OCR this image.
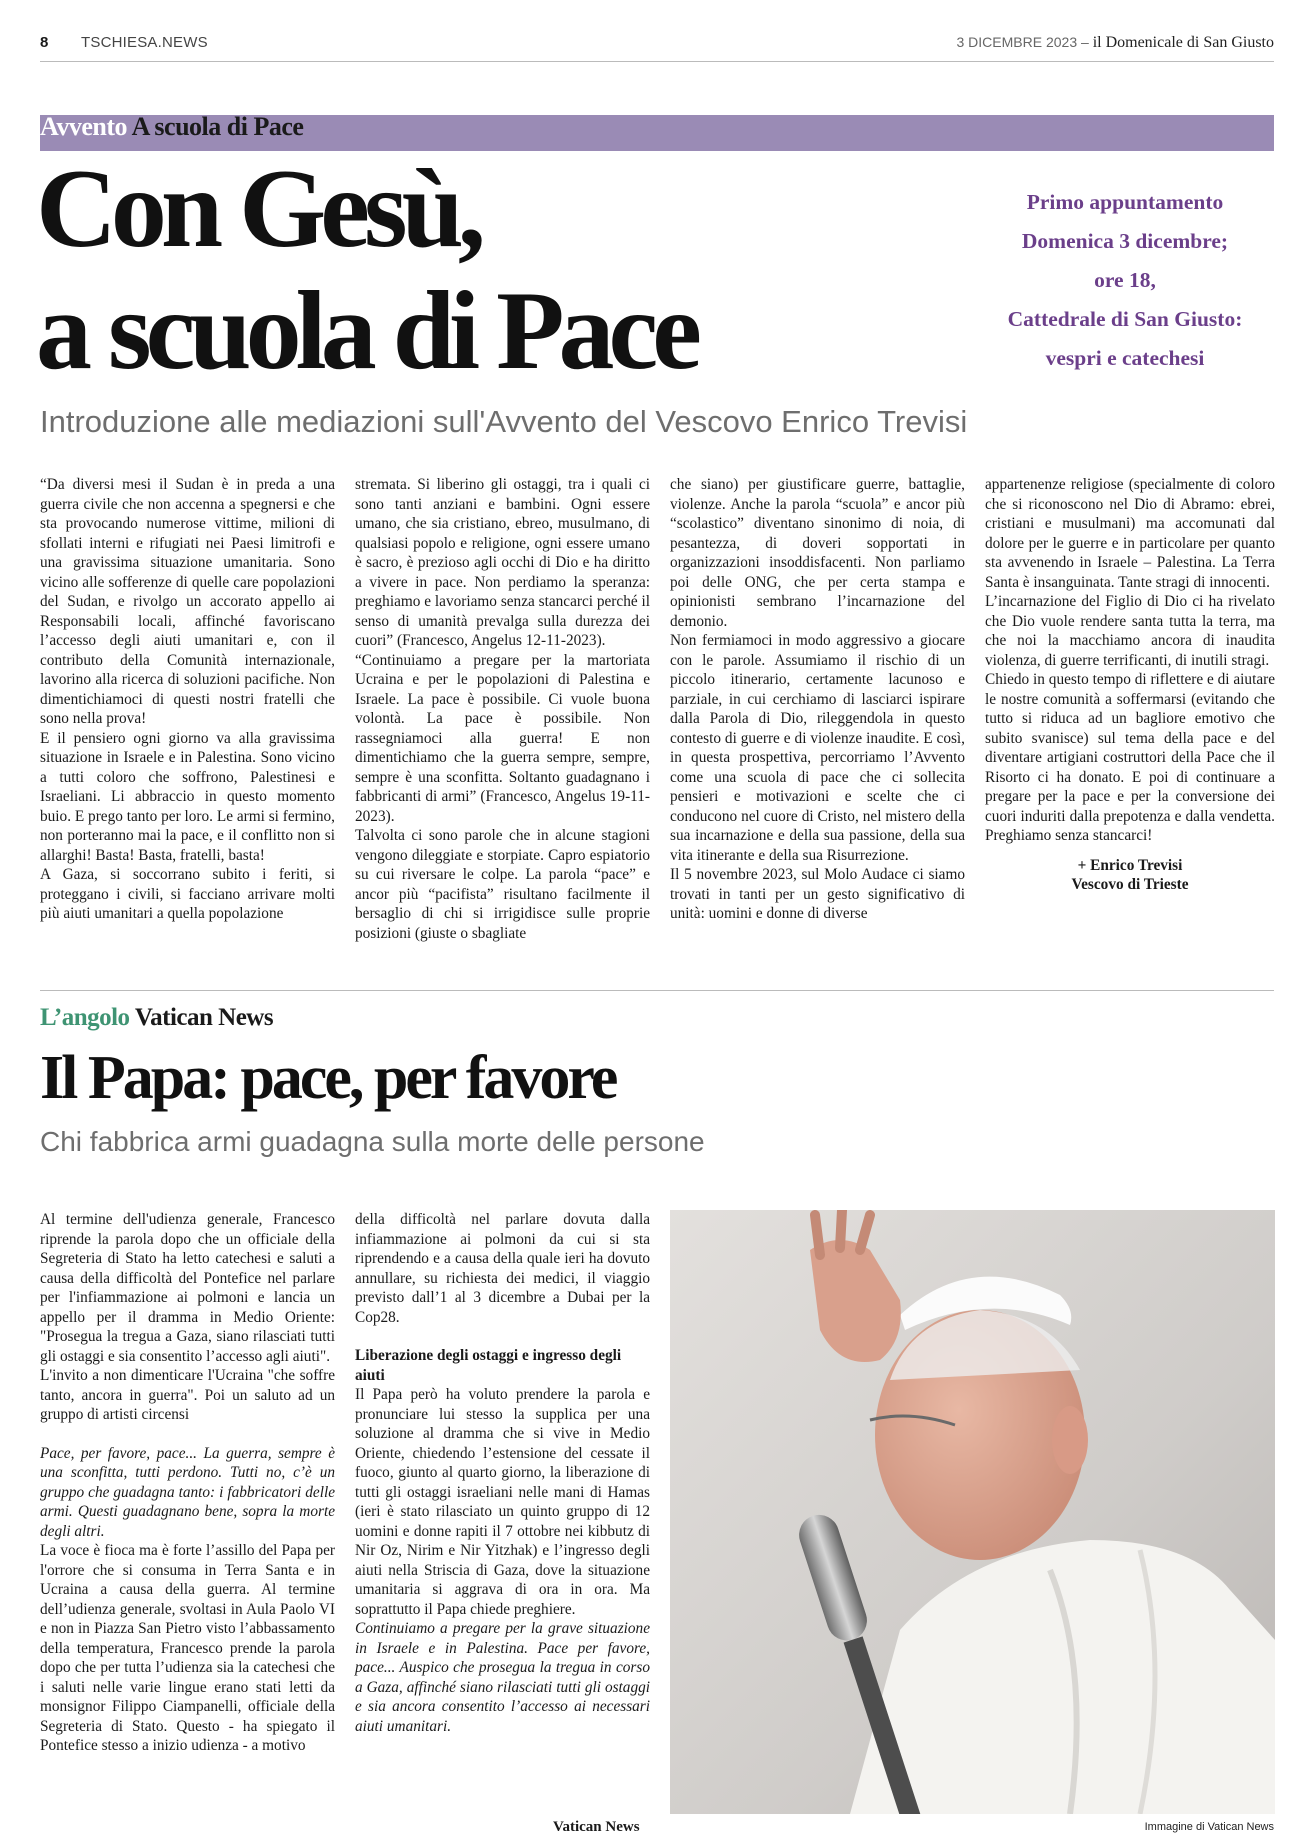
8 TSCHIESA.NEWS	3 DICEMBRE 2023 – il Domenicale di San Giusto
Avvento A scuola di Pace
Con Gesù,
a scuola di Pace
Primo appuntamento
Domenica 3 dicembre;
ore 18,
Cattedrale di San Giusto:
vespri e catechesi
Introduzione alle mediazioni sull'Avvento del Vescovo Enrico Trevisi

“Da diversi mesi il Sudan è in preda a una guerra civile che non accenna a spegnersi e che sta provocando numerose vittime, milioni di sfollati interni e rifugiati nei Paesi limitrofi e una gravissima situazione umanitaria. Sono vicino alle sofferenze di quelle care popolazioni del Sudan, e rivolgo un accorato appello ai Responsabili locali, affinché favoriscano l’accesso degli aiuti umanitari e, con il contributo della Comunità internazionale, lavorino alla ricerca di soluzioni pacifiche. Non dimentichiamoci di questi nostri fratelli che sono nella prova!

E il pensiero ogni giorno va alla gravissima situazione in Israele e in Palestina. Sono vicino a tutti coloro che soffrono, Palestinesi e Israeliani. Li abbraccio in questo momento buio. E prego tanto per loro. Le armi si fermino, non porteranno mai la pace, e il conflitto non si allarghi! Basta! Basta, fratelli, basta!

A Gaza, si soccorrano subito i feriti, si proteggano i civili, si facciano arrivare molti più aiuti umanitari a quella popolazione

stremata. Si liberino gli ostaggi, tra i quali ci sono tanti anziani e bambini. Ogni essere umano, che sia cristiano, ebreo, musulmano, di qualsiasi popolo e religione, ogni essere umano è sacro, è prezioso agli occhi di Dio e ha diritto a vivere in pace. Non perdiamo la speranza: preghiamo e lavoriamo senza stancarci perché il senso di umanità prevalga sulla durezza dei cuori” (Francesco, Angelus 12-11-2023).

“Continuiamo a pregare per la martoriata Ucraina e per le popolazioni di Palestina e Israele. La pace è possibile. Ci vuole buona volontà. La pace è possibile. Non rassegniamoci alla guerra! E non dimentichiamo che la guerra sempre, sempre, sempre è una sconfitta. Soltanto guadagnano i fabbricanti di armi” (Francesco, Angelus 19-11-2023).

Talvolta ci sono parole che in alcune stagioni vengono dileggiate e storpiate. Capro espiatorio su cui riversare le colpe. La parola “pace” e ancor più “pacifista” risultano facilmente il bersaglio di chi si irrigidisce sulle proprie posizioni (giuste o sbagliate

che siano) per giustificare guerre, battaglie, violenze. Anche la parola “scuola” e ancor più “scolastico” diventano sinonimo di noia, di pesantezza, di doveri sopportati in organizzazioni insoddisfacenti. Non parliamo poi delle ONG, che per certa stampa e opinionisti sembrano l’incarnazione del demonio.

Non fermiamoci in modo aggressivo a giocare con le parole. Assumiamo il rischio di un piccolo itinerario, certamente lacunoso e parziale, in cui cerchiamo di lasciarci ispirare dalla Parola di Dio, rileggendola in questo contesto di guerre e di violenze inaudite. E così, in questa prospettiva, percorriamo l’Avvento come una scuola di pace che ci sollecita pensieri e motivazioni e scelte che ci conducono nel cuore di Cristo, nel mistero della sua incarnazione e della sua passione, della sua vita itinerante e della sua Risurrezione.

Il 5 novembre 2023, sul Molo Audace ci siamo trovati in tanti per un gesto significativo di unità: uomini e donne di diverse

appartenenze religiose (specialmente di coloro che si riconoscono nel Dio di Abramo: ebrei, cristiani e musulmani) ma accomunati dal dolore per le guerre e in particolare per quanto sta avvenendo in Israele – Palestina. La Terra Santa è insanguinata. Tante stragi di innocenti.

L’incarnazione del Figlio di Dio ci ha rivelato che Dio vuole rendere santa tutta la terra, ma che noi la macchiamo ancora di inaudita violenza, di guerre terrificanti, di inutili stragi.

Chiedo in questo tempo di riflettere e di aiutare le nostre comunità a soffermarsi (evitando che tutto si riduca ad un bagliore emotivo che subito svanisce) sul tema della pace e del diventare artigiani costruttori della Pace che il Risorto ci ha donato. E poi di continuare a pregare per la pace e per la conversione dei cuori induriti dalla prepotenza e dalla vendetta. Preghiamo senza stancarci!

+ Enrico Trevisi

Vescovo di Trieste

L’angolo Vatican News
Il Papa: pace, per favore
Chi fabbrica armi guadagna sulla morte delle persone

Al termine dell'udienza generale, Francesco riprende la parola dopo che un officiale della Segreteria di Stato ha letto catechesi e saluti a causa della difficoltà del Pontefice nel parlare per l'infiammazione ai polmoni e lancia un appello per il dramma in Medio Oriente: "Prosegua la tregua a Gaza, siano rilasciati tutti gli ostaggi e sia consentito l’accesso agli aiuti".

L'invito a non dimenticare l'Ucraina "che soffre tanto, ancora in guerra". Poi un saluto ad un gruppo di artisti circensi

Pace, per favore, pace... La guerra, sempre è una sconfitta, tutti perdono. Tutti no, c’è un gruppo che guadagna tanto: i fabbricatori delle armi. Questi guadagnano bene, sopra la morte degli altri.

La voce è fioca ma è forte l’assillo del Papa per l'orrore che si consuma in Terra Santa e in Ucraina a causa della guerra. Al termine dell’udienza generale, svoltasi in Aula Paolo VI e non in Piazza San Pietro visto l’abbassamento della temperatura, Francesco prende la parola dopo che per tutta l’udienza sia la catechesi che i saluti nelle varie lingue erano stati letti da monsignor Filippo Ciampanelli, officiale della Segreteria di Stato. Questo - ha spiegato il Pontefice stesso a inizio udienza - a motivo

della difficoltà nel parlare dovuta dalla infiammazione ai polmoni da cui si sta riprendendo e a causa della quale ieri ha dovuto annullare, su richiesta dei medici, il viaggio previsto dall’1 al 3 dicembre a Dubai per la Cop28.

Liberazione degli ostaggi e ingresso degli aiuti

Il Papa però ha voluto prendere la parola e pronunciare lui stesso la supplica per una soluzione al dramma che si vive in Medio Oriente, chiedendo l’estensione del cessate il fuoco, giunto al quarto giorno, la liberazione di tutti gli ostaggi israeliani nelle mani di Hamas (ieri è stato rilasciato un quinto gruppo di 12 uomini e donne rapiti il 7 ottobre nei kibbutz di Nir Oz, Nirim e Nir Yitzhak) e l’ingresso degli aiuti nella Striscia di Gaza, dove la situazione umanitaria si aggrava di ora in ora. Ma soprattutto il Papa chiede preghiere.

Continuiamo a pregare per la grave situazione in Israele e in Palestina. Pace per favore, pace... Auspico che prosegua la tregua in corso a Gaza, affinché siano rilasciati tutti gli ostaggi e sia ancora consentito l’accesso ai necessari aiuti umanitari.

Vatican News	Immagine di Vatican News
